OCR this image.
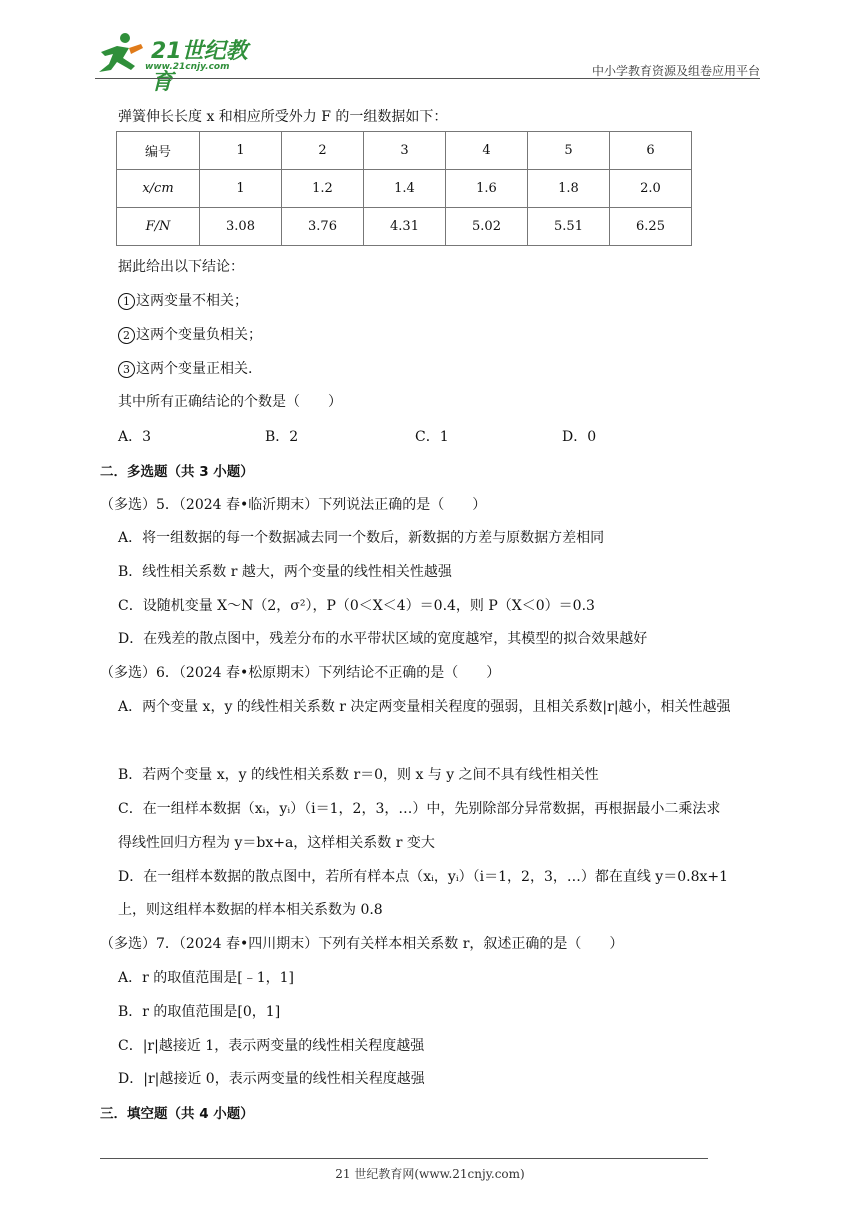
21世纪教育
www.21cnjy.com	中小学教育资源及组卷应用平台
弹簧伸长长度 x 和相应所受外力 F 的一组数据如下：
编号	1	2	3	4	5	6
x/cm	1	1.2	1.4	1.6	1.8	2.0
F/N	3.08	3.76	4.31	5.02	5.51	6.25
据此给出以下结论：
1 这两变量不相关；
2 这两个变量负相关；
3 这两个变量正相关.
其中所有正确结论的个数是（　　）
A．3	B．2	C．1	D．0
二．多选题（共 3 小题）
（多选）5．（2024 春•临沂期末）下列说法正确的是（　　）
A．将一组数据的每一个数据减去同一个数后，新数据的方差与原数据方差相同
B．线性相关系数 r 越大，两个变量的线性相关性越强
C．设随机变量 X～N（2，σ²），P（0＜X＜4）＝0.4，则 P（X＜0）＝0.3
D．在残差的散点图中，残差分布的水平带状区域的宽度越窄，其模型的拟合效果越好
（多选）6．（2024 春•松原期末）下列结论不正确的是（　　）
A．两个变量 x，y 的线性相关系数 r 决定两变量相关程度的强弱，且相关系数|r|越小，相关性越强
B．若两个变量 x，y 的线性相关系数 r＝0，则 x 与 y 之间不具有线性相关性
C．在一组样本数据（xᵢ，yᵢ）（i＝1，2，3，…）中，先别除部分异常数据，再根据最小二乘法求
得线性回归方程为 y＝bx+a，这样相关系数 r 变大
D．在一组样本数据的散点图中，若所有样本点（xᵢ，yᵢ）（i＝1，2，3，…）都在直线 y＝0.8x+1
上，则这组样本数据的样本相关系数为 0.8
（多选）7．（2024 春•四川期末）下列有关样本相关系数 r，叙述正确的是（　　）
A．r 的取值范围是[﹣1，1]
B．r 的取值范围是[0，1]
C．|r|越接近 1，表示两变量的线性相关程度越强
D．|r|越接近 0，表示两变量的线性相关程度越强
三．填空题（共 4 小题）
21 世纪教育网(www.21cnjy.com)
